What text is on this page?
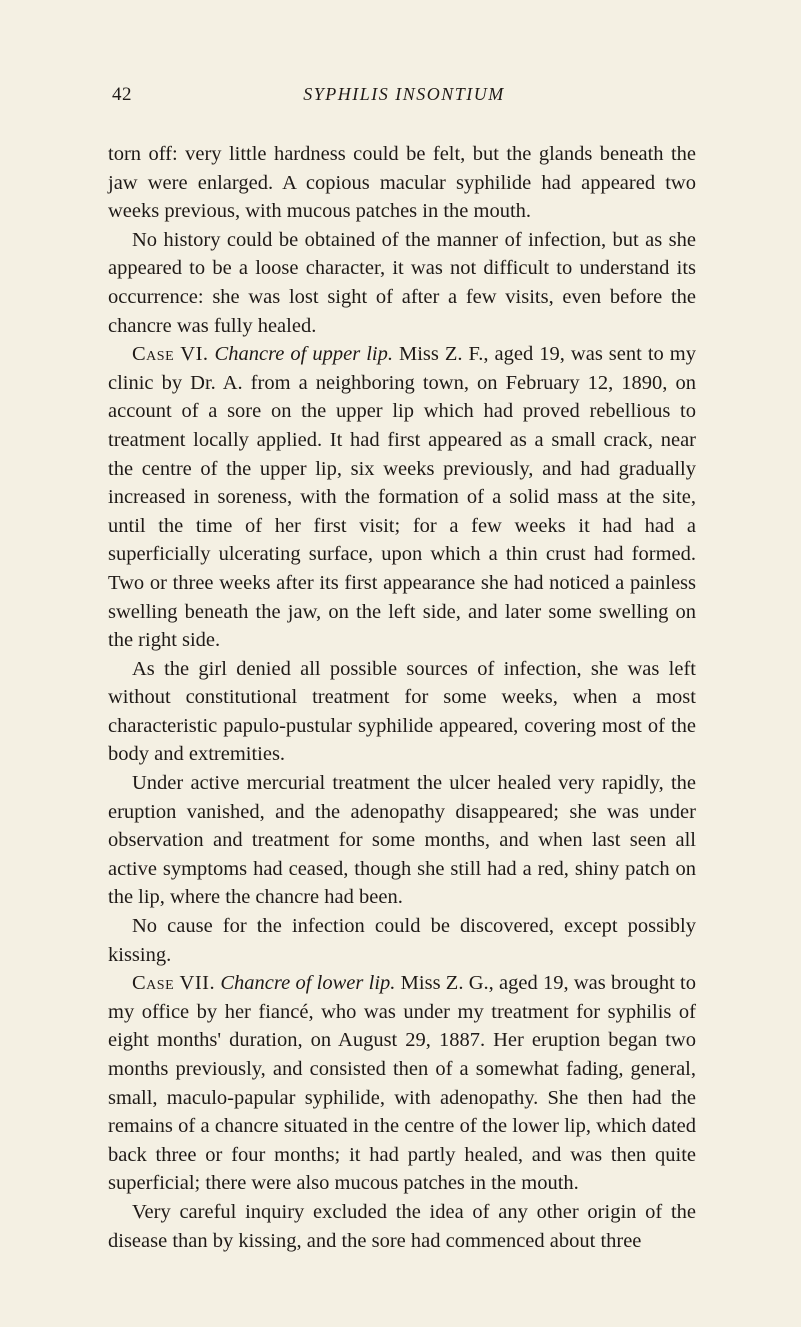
42	SYPHILIS INSONTIUM

torn off: very little hardness could be felt, but the glands beneath the jaw were enlarged. A copious macular syphilide had appeared two weeks previous, with mucous patches in the mouth.

No history could be obtained of the manner of infection, but as she appeared to be a loose character, it was not difficult to understand its occurrence: she was lost sight of after a few visits, even before the chancre was fully healed.

Case VI. Chancre of upper lip. Miss Z. F., aged 19, was sent to my clinic by Dr. A. from a neighboring town, on February 12, 1890, on account of a sore on the upper lip which had proved rebellious to treatment locally applied. It had first appeared as a small crack, near the centre of the upper lip, six weeks previously, and had gradually increased in soreness, with the formation of a solid mass at the site, until the time of her first visit; for a few weeks it had had a superficially ulcerating surface, upon which a thin crust had formed. Two or three weeks after its first appearance she had noticed a painless swelling beneath the jaw, on the left side, and later some swelling on the right side.

As the girl denied all possible sources of infection, she was left without constitutional treatment for some weeks, when a most characteristic papulo-pustular syphilide appeared, covering most of the body and extremities.

Under active mercurial treatment the ulcer healed very rapidly, the eruption vanished, and the adenopathy disappeared; she was under observation and treatment for some months, and when last seen all active symptoms had ceased, though she still had a red, shiny patch on the lip, where the chancre had been.

No cause for the infection could be discovered, except possibly kissing.

Case VII. Chancre of lower lip. Miss Z. G., aged 19, was brought to my office by her fiancé, who was under my treatment for syphilis of eight months' duration, on August 29, 1887. Her eruption began two months previously, and consisted then of a somewhat fading, general, small, maculo-papular syphilide, with adenopathy. She then had the remains of a chancre situated in the centre of the lower lip, which dated back three or four months; it had partly healed, and was then quite superficial; there were also mucous patches in the mouth.

Very careful inquiry excluded the idea of any other origin of the disease than by kissing, and the sore had commenced about three
